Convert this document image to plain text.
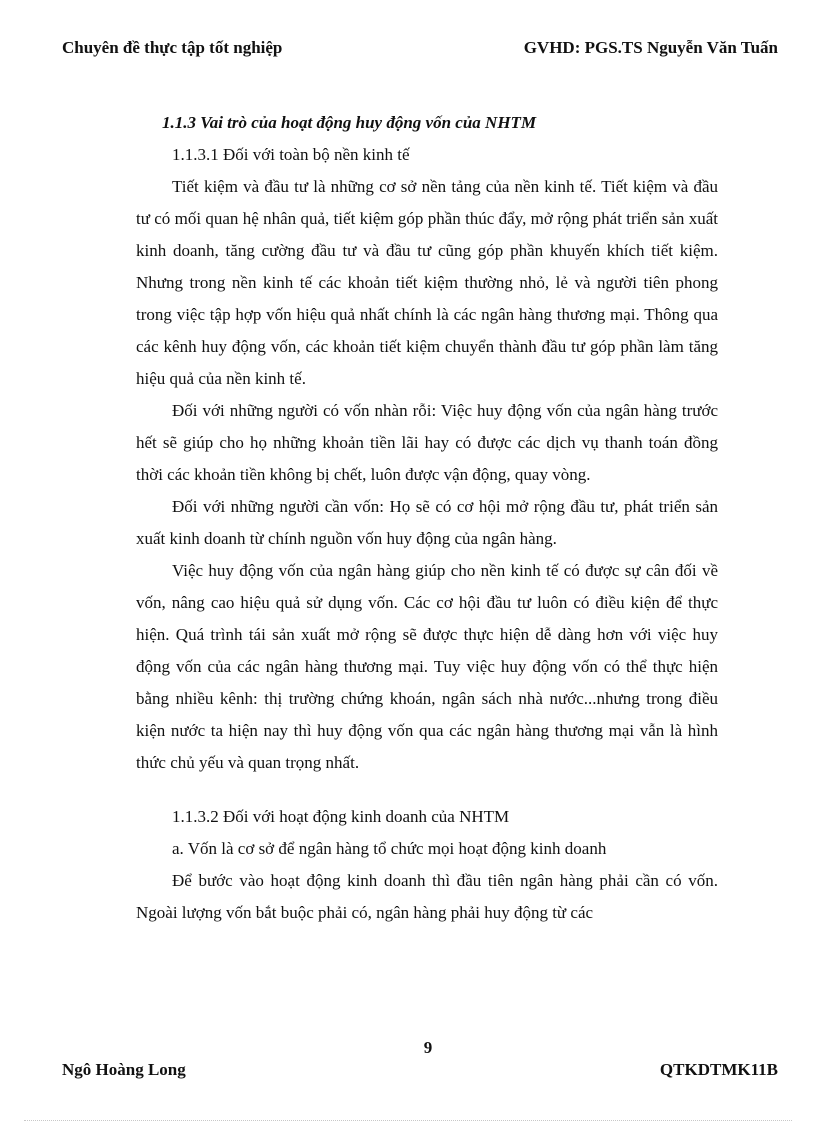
Chuyên đề thực tập tốt nghiệp	GVHD: PGS.TS Nguyễn Văn Tuấn

1.1.3 Vai trò của hoạt động huy động vốn của NHTM

1.1.3.1 Đối với toàn bộ nền kinh tế

Tiết kiệm và đầu tư là những cơ sở nền tảng của nền kinh tế. Tiết kiệm và đầu tư có mối quan hệ nhân quả, tiết kiệm góp phần thúc đẩy, mở rộng phát triển sản xuất kinh doanh, tăng cường đầu tư và đầu tư cũng góp phần khuyến khích tiết kiệm. Nhưng trong nền kinh tế các khoản tiết kiệm thường nhỏ, lẻ và người tiên phong trong việc tập hợp vốn hiệu quả nhất chính là các ngân hàng thương mại. Thông qua các kênh huy động vốn, các khoản tiết kiệm chuyển thành đầu tư góp phần làm tăng hiệu quả của nền kinh tế.

Đối với những người có vốn nhàn rỗi: Việc huy động vốn của ngân hàng trước hết sẽ giúp cho họ những khoản tiền lãi hay có được các dịch vụ thanh toán đồng thời các khoản tiền không bị chết, luôn được vận động, quay vòng.

Đối với những người cần vốn: Họ sẽ có cơ hội mở rộng đầu tư, phát triển sản xuất kinh doanh từ chính nguồn vốn huy động của ngân hàng.

Việc huy động vốn của ngân hàng giúp cho nền kinh tế có được sự cân đối về vốn, nâng cao hiệu quả sử dụng vốn. Các cơ hội đầu tư luôn có điều kiện để thực hiện. Quá trình tái sản xuất mở rộng sẽ được thực hiện dễ dàng hơn với việc huy động vốn của các ngân hàng thương mại. Tuy việc huy động vốn có thể thực hiện bằng nhiều kênh: thị trường chứng khoán, ngân sách nhà nước...nhưng trong điều kiện nước ta hiện nay thì huy động vốn qua các ngân hàng thương mại vẫn là hình thức chủ yếu và quan trọng nhất.

1.1.3.2 Đối với hoạt động kinh doanh của NHTM

a. Vốn là cơ sở để ngân hàng tổ chức mọi hoạt động kinh doanh

Để bước vào hoạt động kinh doanh thì đầu tiên ngân hàng phải cần có vốn. Ngoài lượng vốn bắt buộc phải có, ngân hàng phải huy động từ các

9
Ngô Hoàng Long	QTKDTMK11B
